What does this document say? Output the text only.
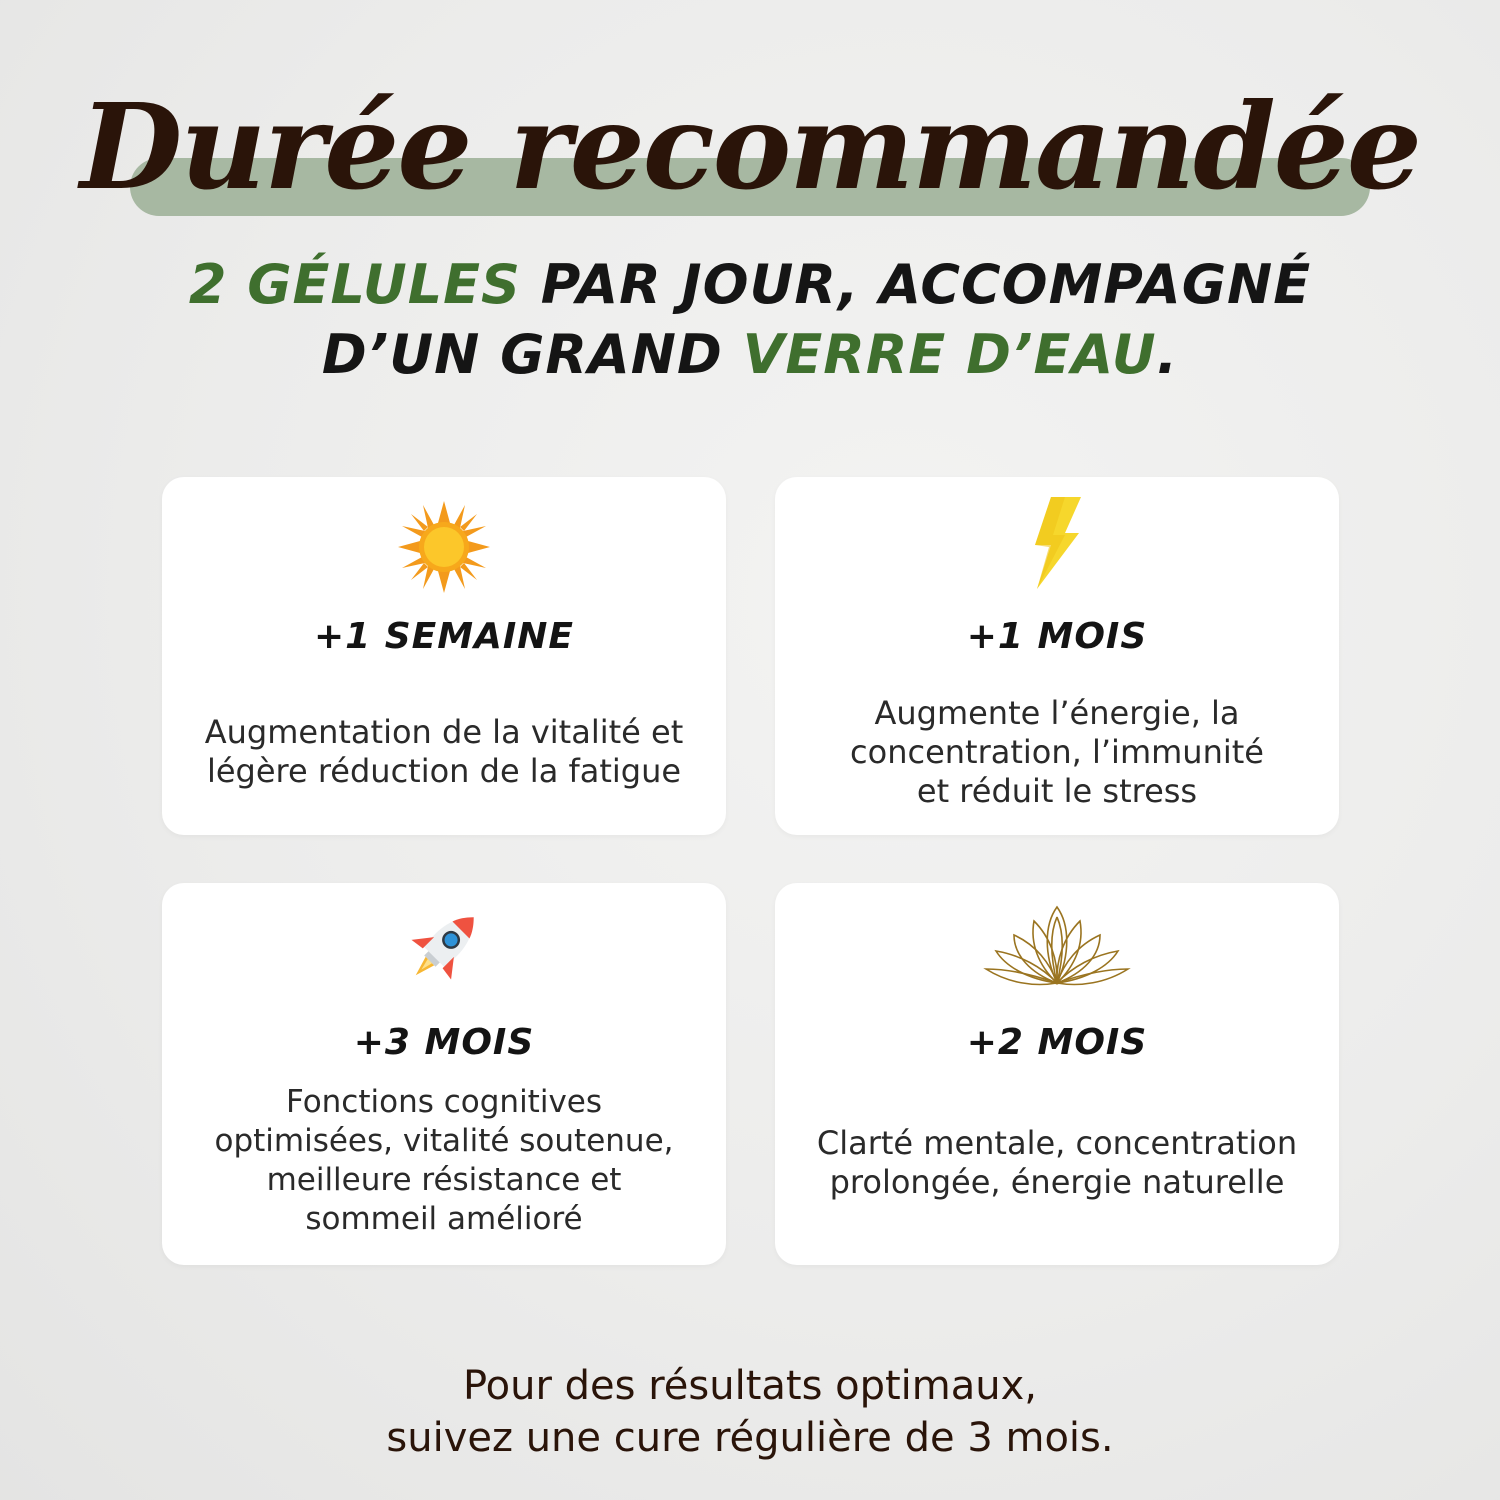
Durée recommandée
2 GÉLULES PAR JOUR, ACCOMPAGNÉ
D’UN GRAND VERRE D’EAU.
+1 SEMAINE
Augmentation de la vitalité et
légère réduction de la fatigue
+1 MOIS
Augmente l’énergie, la
concentration, l’immunité
et réduit le stress
+3 MOIS
Fonctions cognitives
optimisées, vitalité soutenue,
meilleure résistance et
sommeil amélioré
+2 MOIS
Clarté mentale, concentration
prolongée, énergie naturelle
Pour des résultats optimaux,
suivez une cure régulière de 3 mois.
